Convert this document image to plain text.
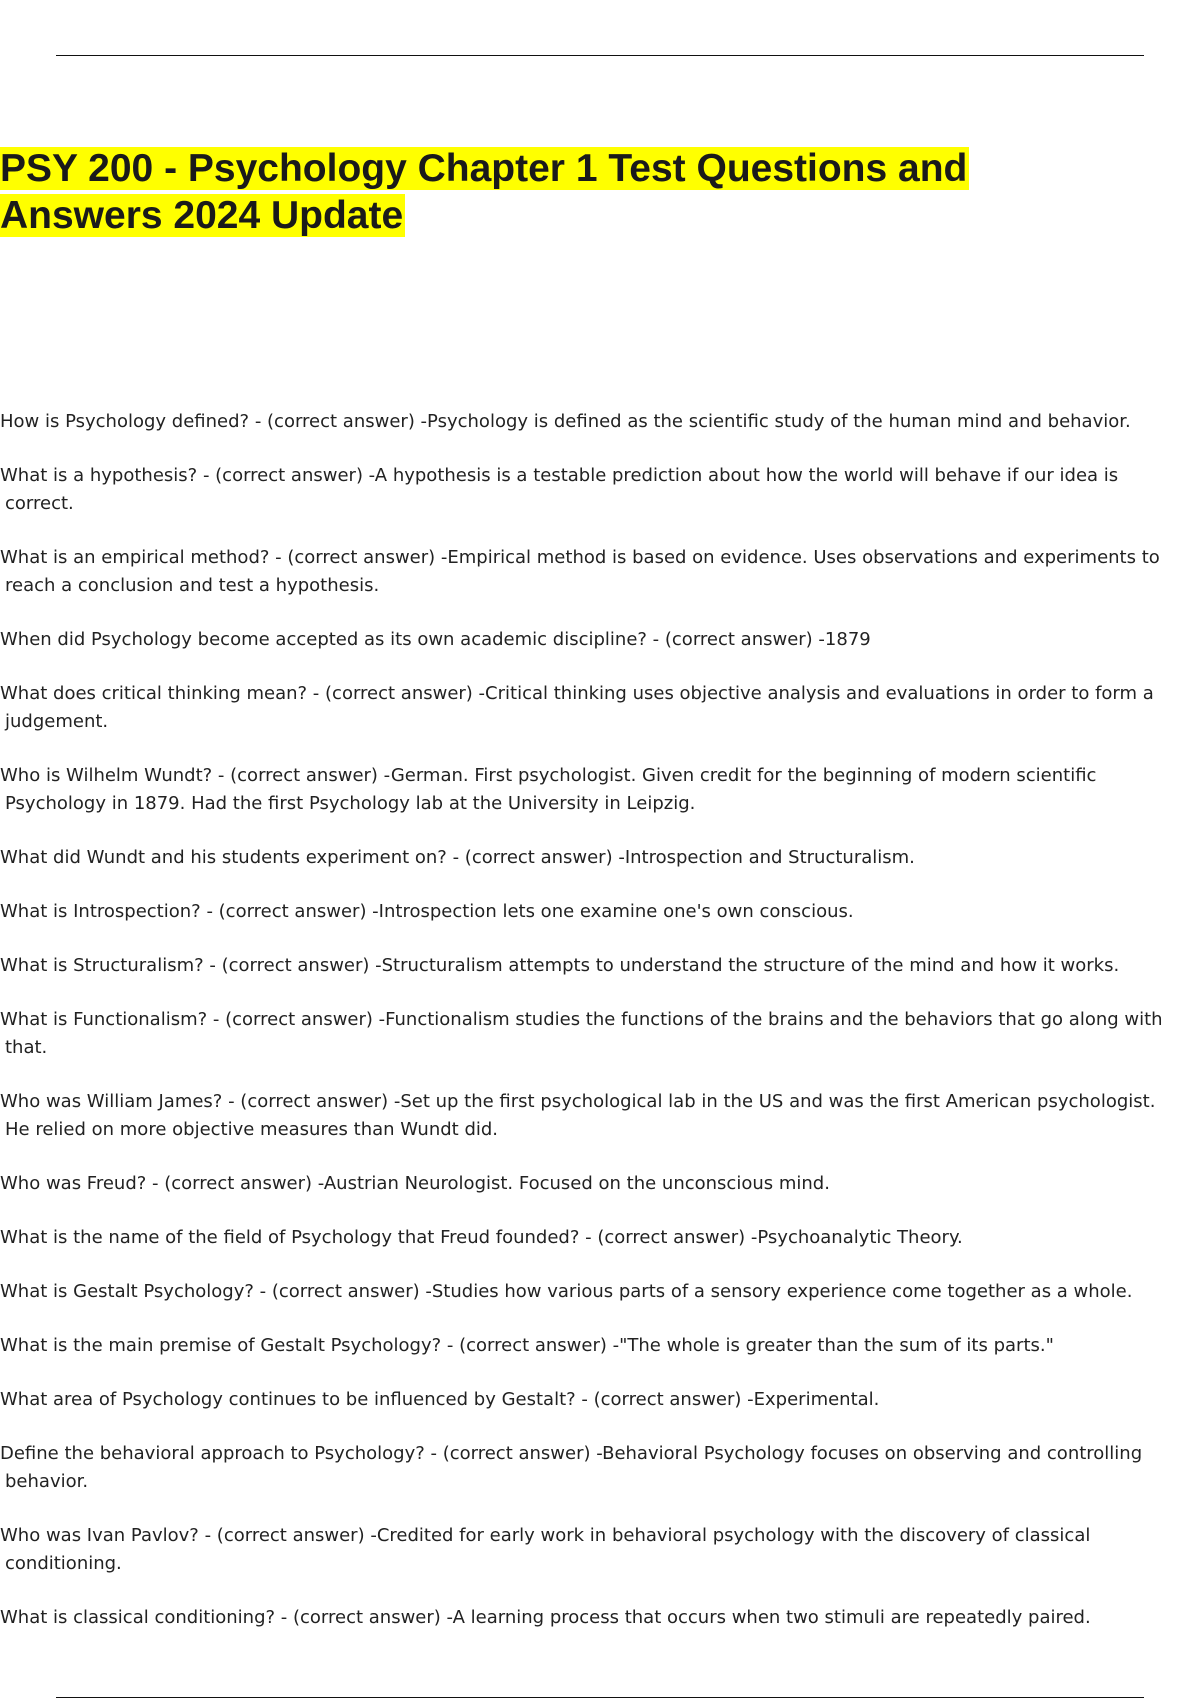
PSY 200 - Psychology Chapter 1 Test Questions and Answers 2024 Update
How is Psychology defined? - (correct answer) -Psychology is defined as the scientific study of the human mind and behavior.
What is a hypothesis? - (correct answer) -A hypothesis is a testable prediction about how the world will behave if our idea is correct.
What is an empirical method? - (correct answer) -Empirical method is based on evidence. Uses observations and experiments to reach a conclusion and test a hypothesis.
When did Psychology become accepted as its own academic discipline? - (correct answer) -1879
What does critical thinking mean? - (correct answer) -Critical thinking uses objective analysis and evaluations in order to form a judgement.
Who is Wilhelm Wundt? - (correct answer) -German. First psychologist. Given credit for the beginning of modern scientific Psychology in 1879. Had the first Psychology lab at the University in Leipzig.
What did Wundt and his students experiment on? - (correct answer) -Introspection and Structuralism.
What is Introspection? - (correct answer) -Introspection lets one examine one's own conscious.
What is Structuralism? - (correct answer) -Structuralism attempts to understand the structure of the mind and how it works.
What is Functionalism? - (correct answer) -Functionalism studies the functions of the brains and the behaviors that go along with that.
Who was William James? - (correct answer) -Set up the first psychological lab in the US and was the first American psychologist. He relied on more objective measures than Wundt did.
Who was Freud? - (correct answer) -Austrian Neurologist. Focused on the unconscious mind.
What is the name of the field of Psychology that Freud founded? - (correct answer) -Psychoanalytic Theory.
What is Gestalt Psychology? - (correct answer) -Studies how various parts of a sensory experience come together as a whole.
What is the main premise of Gestalt Psychology? - (correct answer) -"The whole is greater than the sum of its parts."
What area of Psychology continues to be influenced by Gestalt? - (correct answer) -Experimental.
Define the behavioral approach to Psychology? - (correct answer) -Behavioral Psychology focuses on observing and controlling behavior.
Who was Ivan Pavlov? - (correct answer) -Credited for early work in behavioral psychology with the discovery of classical conditioning.
What is classical conditioning? - (correct answer) -A learning process that occurs when two stimuli are repeatedly paired.
